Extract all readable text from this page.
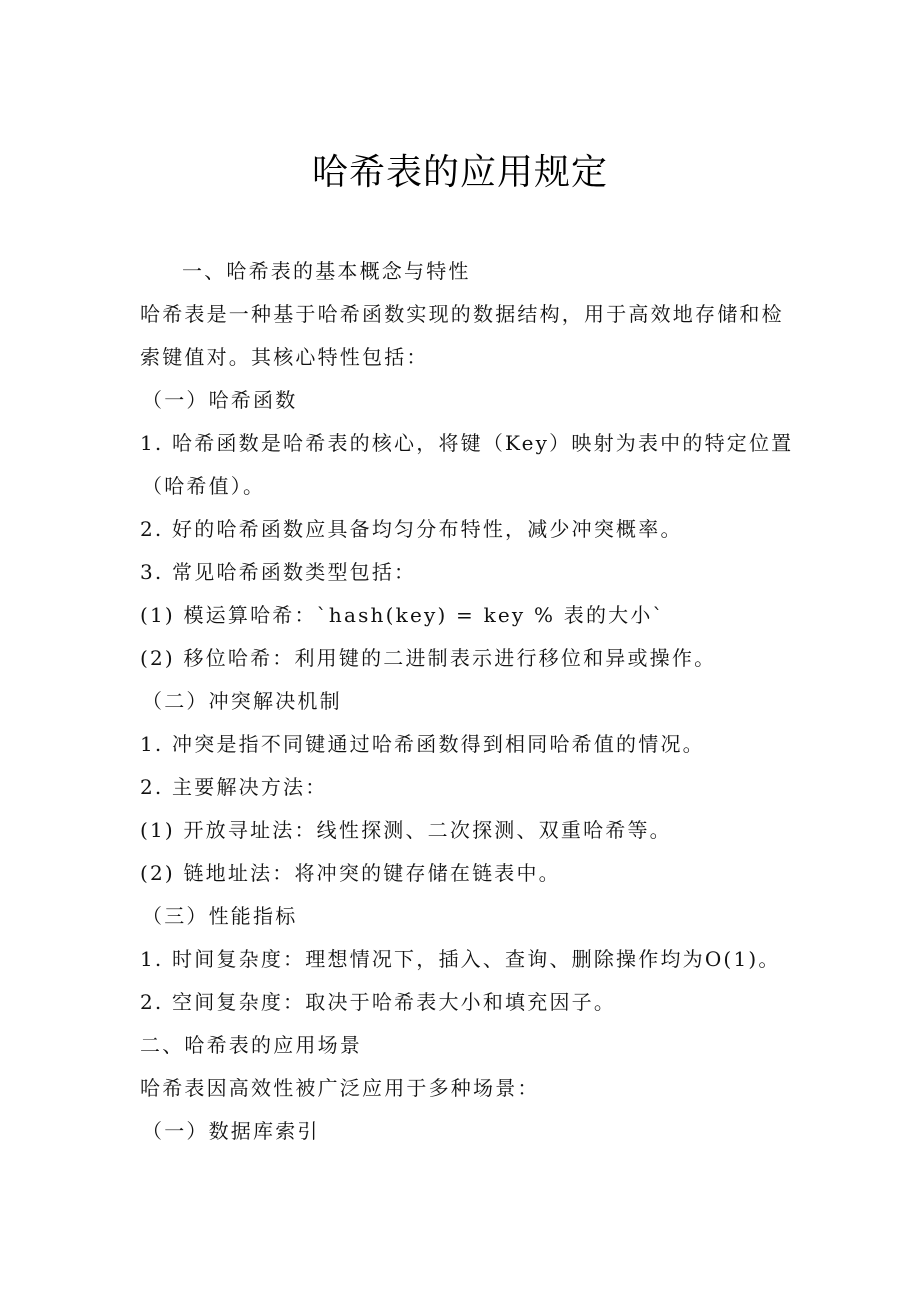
哈希表的应用规定
一、哈希表的基本概念与特性
哈希表是一种基于哈希函数实现的数据结构，用于高效地存储和检
索键值对。其核心特性包括：
（一）哈希函数
1. 哈希函数是哈希表的核心，将键（Key）映射为表中的特定位置
（哈希值）。
2. 好的哈希函数应具备均匀分布特性，减少冲突概率。
3. 常见哈希函数类型包括：
(1) 模运算哈希：`hash(key) = key % 表的大小`
(2) 移位哈希：利用键的二进制表示进行移位和异或操作。
（二）冲突解决机制
1. 冲突是指不同键通过哈希函数得到相同哈希值的情况。
2. 主要解决方法：
(1) 开放寻址法：线性探测、二次探测、双重哈希等。
(2) 链地址法：将冲突的键存储在链表中。
（三）性能指标
1. 时间复杂度：理想情况下，插入、查询、删除操作均为O(1)。
2. 空间复杂度：取决于哈希表大小和填充因子。
二、哈希表的应用场景
哈希表因高效性被广泛应用于多种场景：
（一）数据库索引
